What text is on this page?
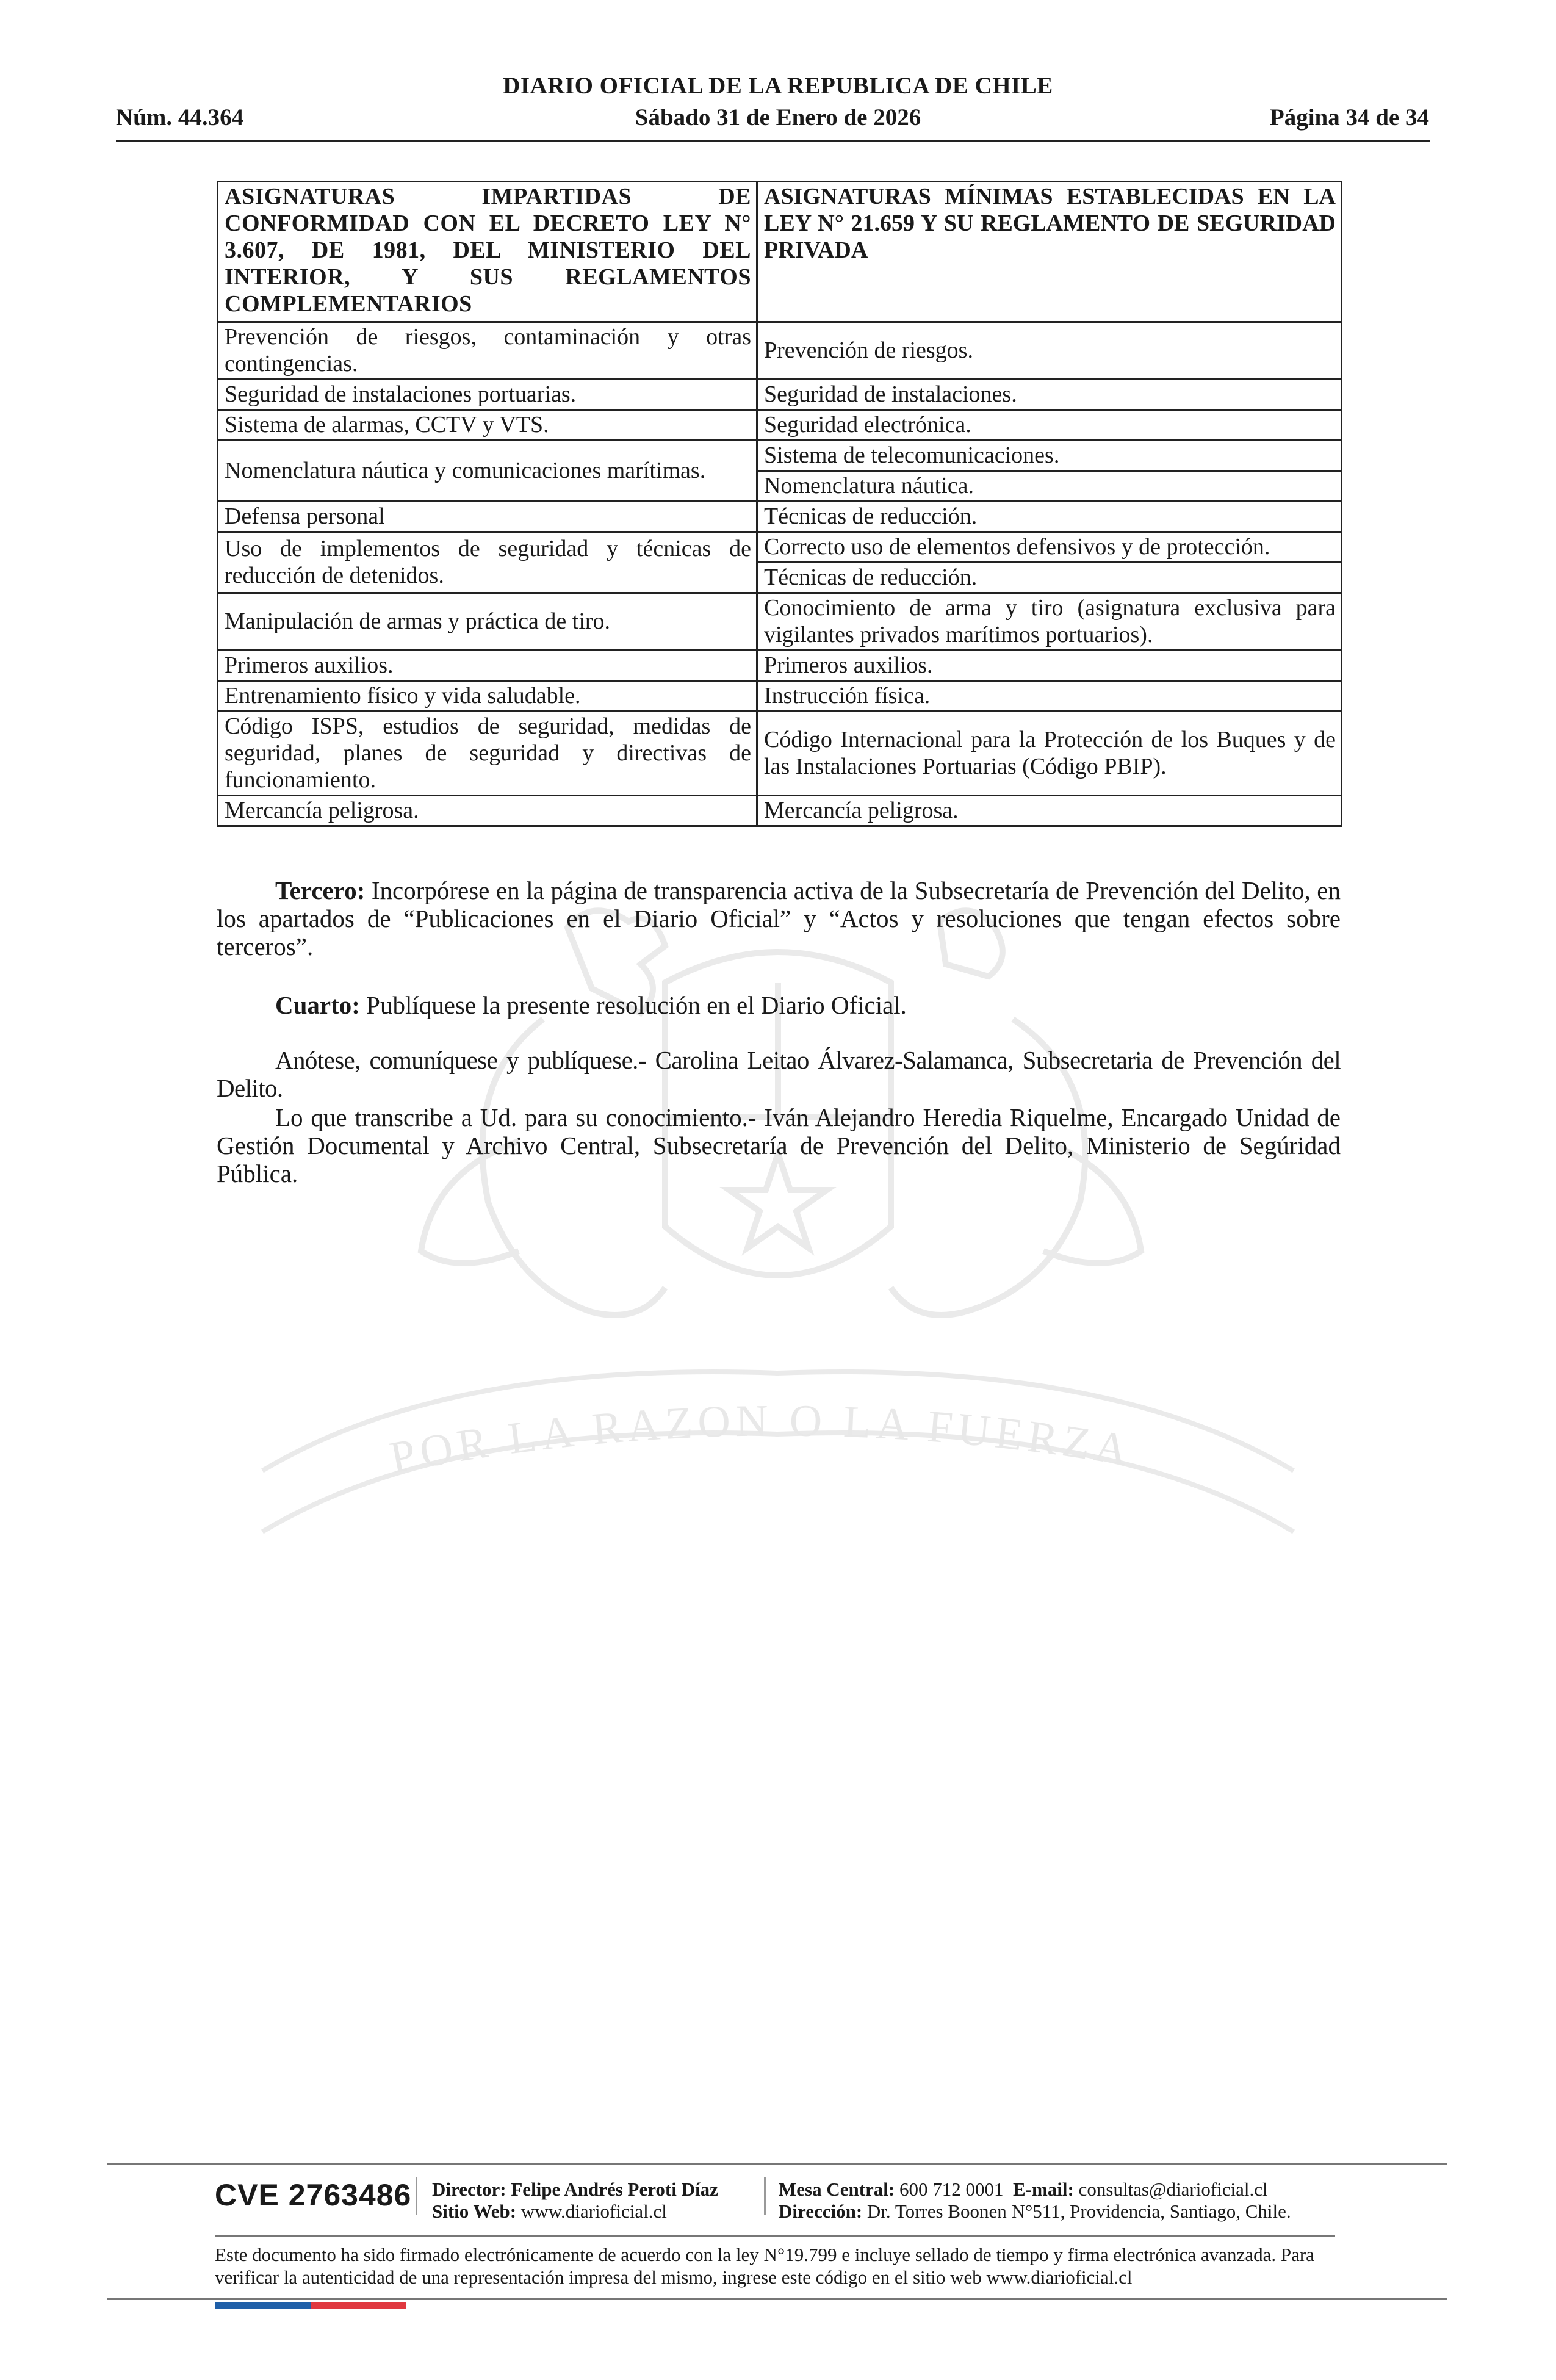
DIARIO OFICIAL DE LA REPUBLICA DE CHILE
Núm. 44.364	Sábado 31 de Enero de 2026	Página 34 de 34
POR LA RAZON O LA FUERZA
ASIGNATURAS IMPARTIDAS DE CONFORMIDAD CON EL DECRETO LEY N° 3.607, DE 1981, DEL MINISTERIO DEL INTERIOR, Y SUS REGLAMENTOS COMPLEMENTARIOS	ASIGNATURAS MÍNIMAS ESTABLECIDAS EN LA LEY N° 21.659 Y SU REGLAMENTO DE SEGURIDAD PRIVADA
Prevención de riesgos, contaminación y otras contingencias.	Prevención de riesgos.
Seguridad de instalaciones portuarias.	Seguridad de instalaciones.
Sistema de alarmas, CCTV y VTS.	Seguridad electrónica.
Nomenclatura náutica y comunicaciones marítimas.	Sistema de telecomunicaciones.
	Nomenclatura náutica.
Defensa personal	Técnicas de reducción.
Uso de implementos de seguridad y técnicas de reducción de detenidos.	Correcto uso de elementos defensivos y de protección.
	Técnicas de reducción.
Manipulación de armas y práctica de tiro.	Conocimiento de arma y tiro (asignatura exclusiva para vigilantes privados marítimos portuarios).
Primeros auxilios.	Primeros auxilios.
Entrenamiento físico y vida saludable.	Instrucción física.
Código ISPS, estudios de seguridad, medidas de seguridad, planes de seguridad y directivas de funcionamiento.	Código Internacional para la Protección de los Buques y de las Instalaciones Portuarias (Código PBIP).
Mercancía peligrosa.	Mercancía peligrosa.

Tercero: Incorpórese en la página de transparencia activa de la Subsecretaría de Prevención del Delito, en los apartados de “Publicaciones en el Diario Oficial” y “Actos y resoluciones que tengan efectos sobre terceros”.

Cuarto: Publíquese la presente resolución en el Diario Oficial.

Anótese, comuníquese y publíquese.- Carolina Leitao Álvarez-Salamanca, Subsecretaria de Prevención del Delito.

Lo que transcribe a Ud. para su conocimiento.- Iván Alejandro Heredia Riquelme, Encargado Unidad de Gestión Documental y Archivo Central, Subsecretaría de Prevención del Delito, Ministerio de Segúridad Pública.

CVE 2763486 Director: Felipe Andrés Peroti Díaz
Sitio Web: www.diarioficial.cl
Mesa Central: 600 712 0001 E-mail: consultas@diarioficial.cl
Dirección: Dr. Torres Boonen N°511, Providencia, Santiago, Chile.
Este documento ha sido firmado electrónicamente de acuerdo con la ley N°19.799 e incluye sellado de tiempo y firma electrónica avanzada. Para verificar la autenticidad de una representación impresa del mismo, ingrese este código en el sitio web www.diarioficial.cl
